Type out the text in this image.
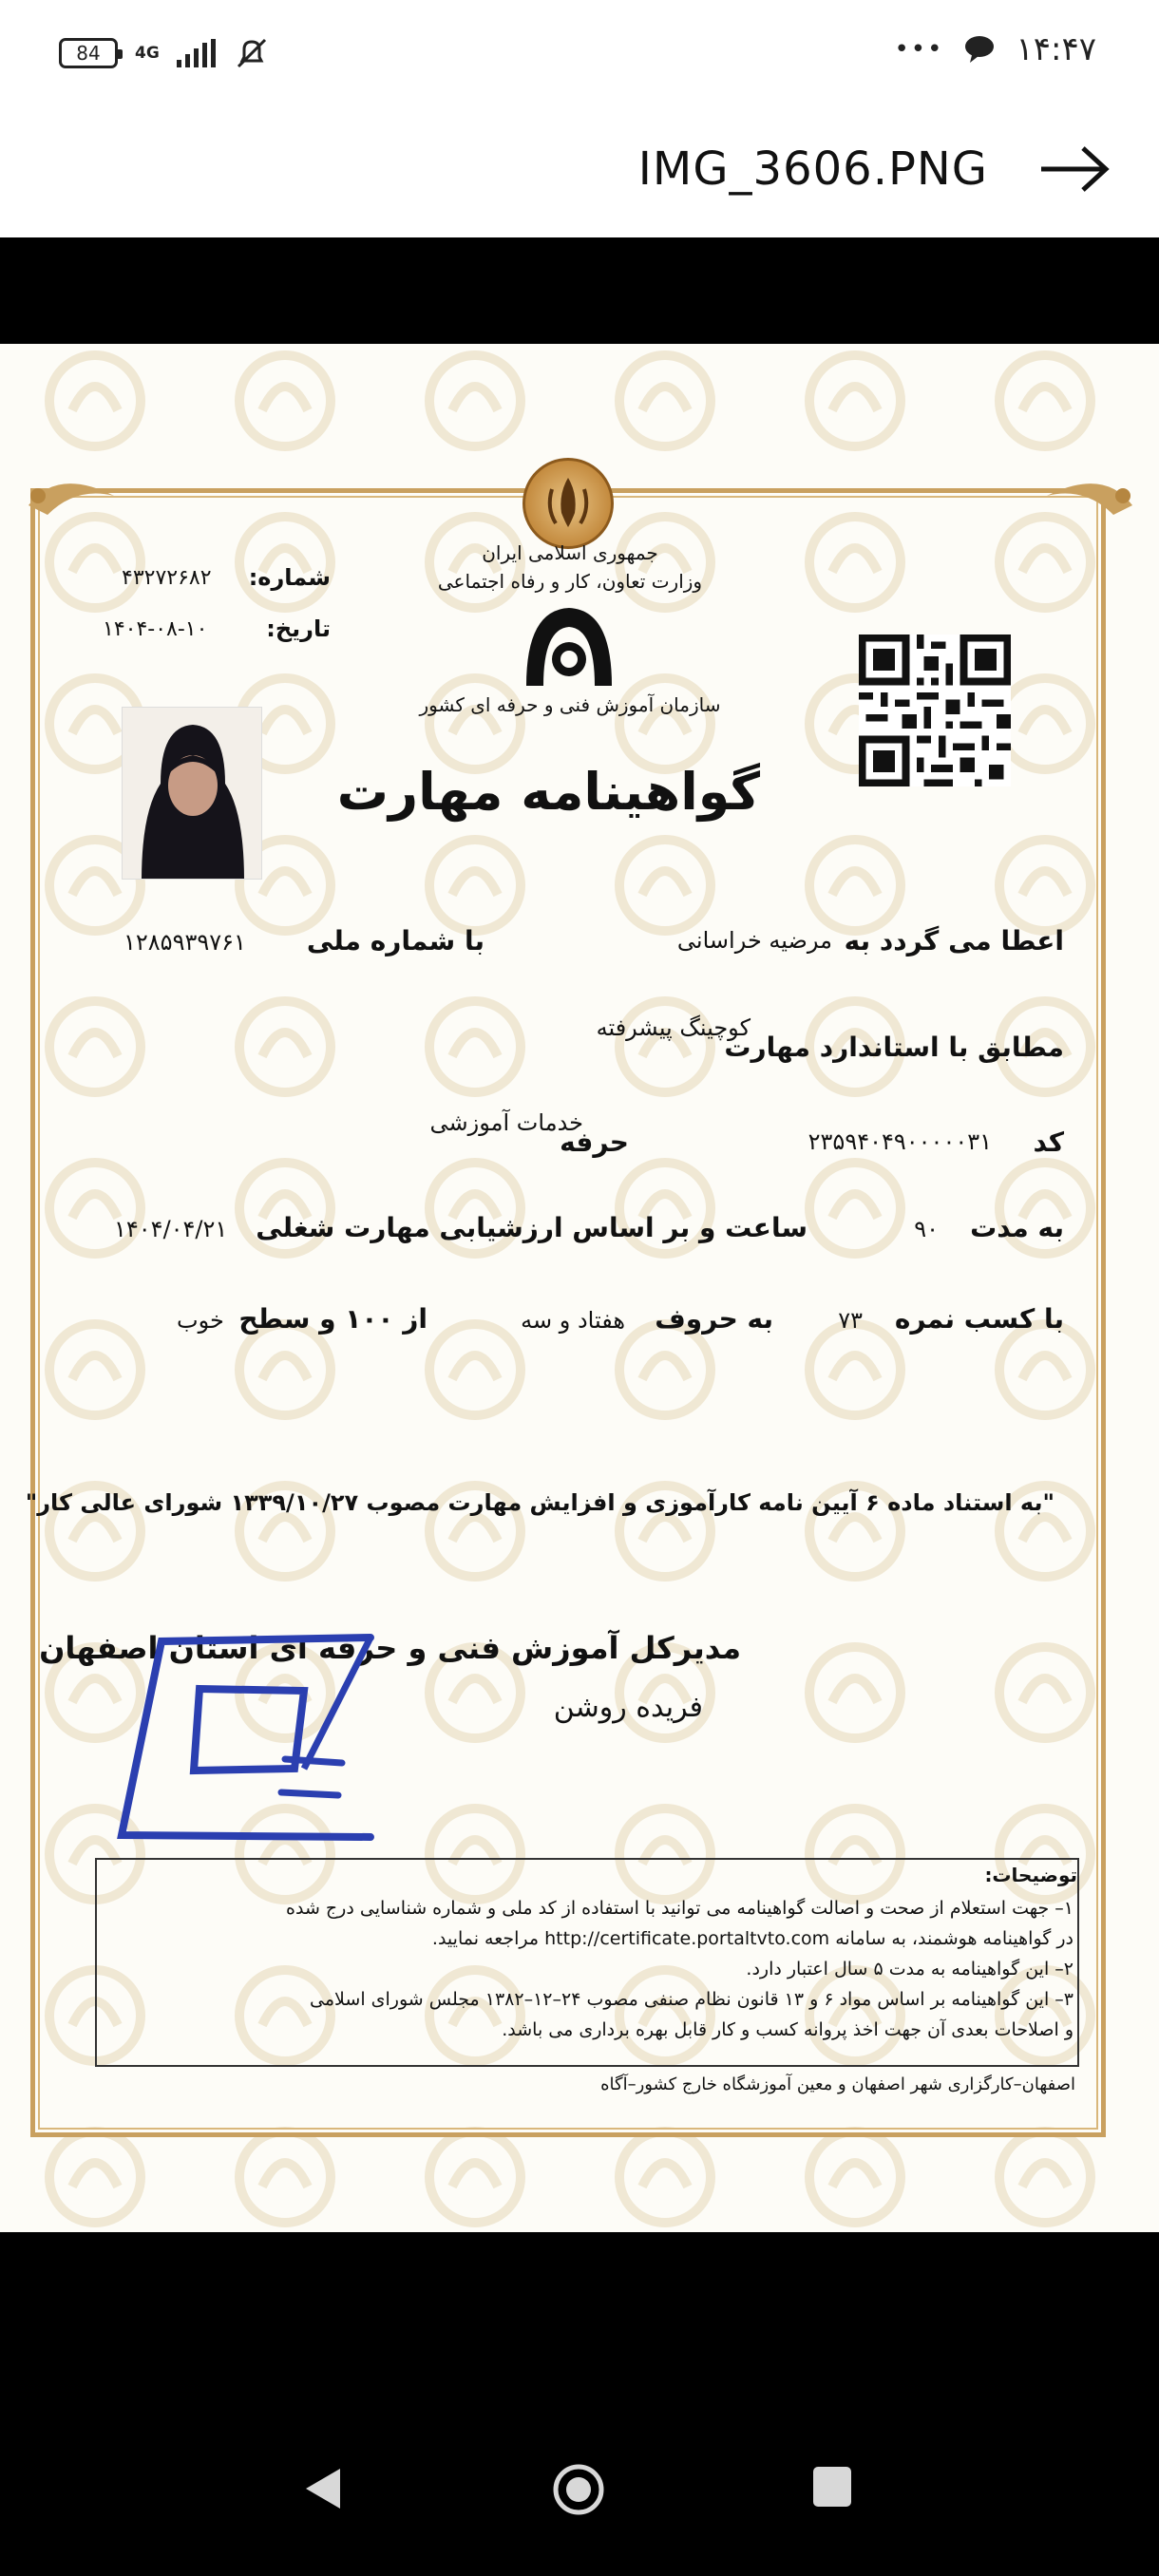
84	4G	••• ۱۴:۴۷
IMG_3606.PNG
جمهوری اسلامی ایران
وزارت تعاون، کار و رفاه اجتماعی
سازمان آموزش فنی و حرفه ای کشور
شماره:
۴۳۲۷۲۶۸۲
تاریخ:
۱۴۰۴-۰۸-۱۰
گواهینامه مهارت
اعطا می گردد به
مرضیه خراسانی
با شماره ملی
۱۲۸۵۹۳۹۷۶۱
کوچینگ پیشرفته
مطابق با استاندارد مهارت
خدمات آموزشی
کد
۲۳۵۹۴۰۴۹۰۰۰۰۰۳۱
حرفه
به مدت
۹۰
ساعت و بر اساس ارزشیابی مهارت شغلی
۱۴۰۴/۰۴/۲۱
با کسب نمره
۷۳
به حروف
هفتاد و سه
از ۱۰۰ و سطح
خوب
"به استناد ماده ۶ آیین نامه کارآموزی و افزایش مهارت مصوب ۱۳۳۹/۱۰/۲۷ شورای عالی کار"
مدیرکل آموزش فنی و حرفه ای استان اصفهان
فریده روشن
توضیحات:
۱– جهت استعلام از صحت و اصالت گواهینامه می توانید با استفاده از کد ملی و شماره شناسایی درج شده
در گواهینامه هوشمند، به سامانه http://certificate.portaltvto.com مراجعه نمایید.
۲– این گواهینامه به مدت ۵ سال اعتبار دارد.
۳– این گواهینامه بر اساس مواد ۶ و ۱۳ قانون نظام صنفی مصوب ۲۴–۱۲–۱۳۸۲ مجلس شورای اسلامی
و اصلاحات بعدی آن جهت اخذ پروانه کسب و کار قابل بهره برداری می باشد.
اصفهان–کارگزاری شهر اصفهان و معین آموزشگاه خارج کشور–آگاه
